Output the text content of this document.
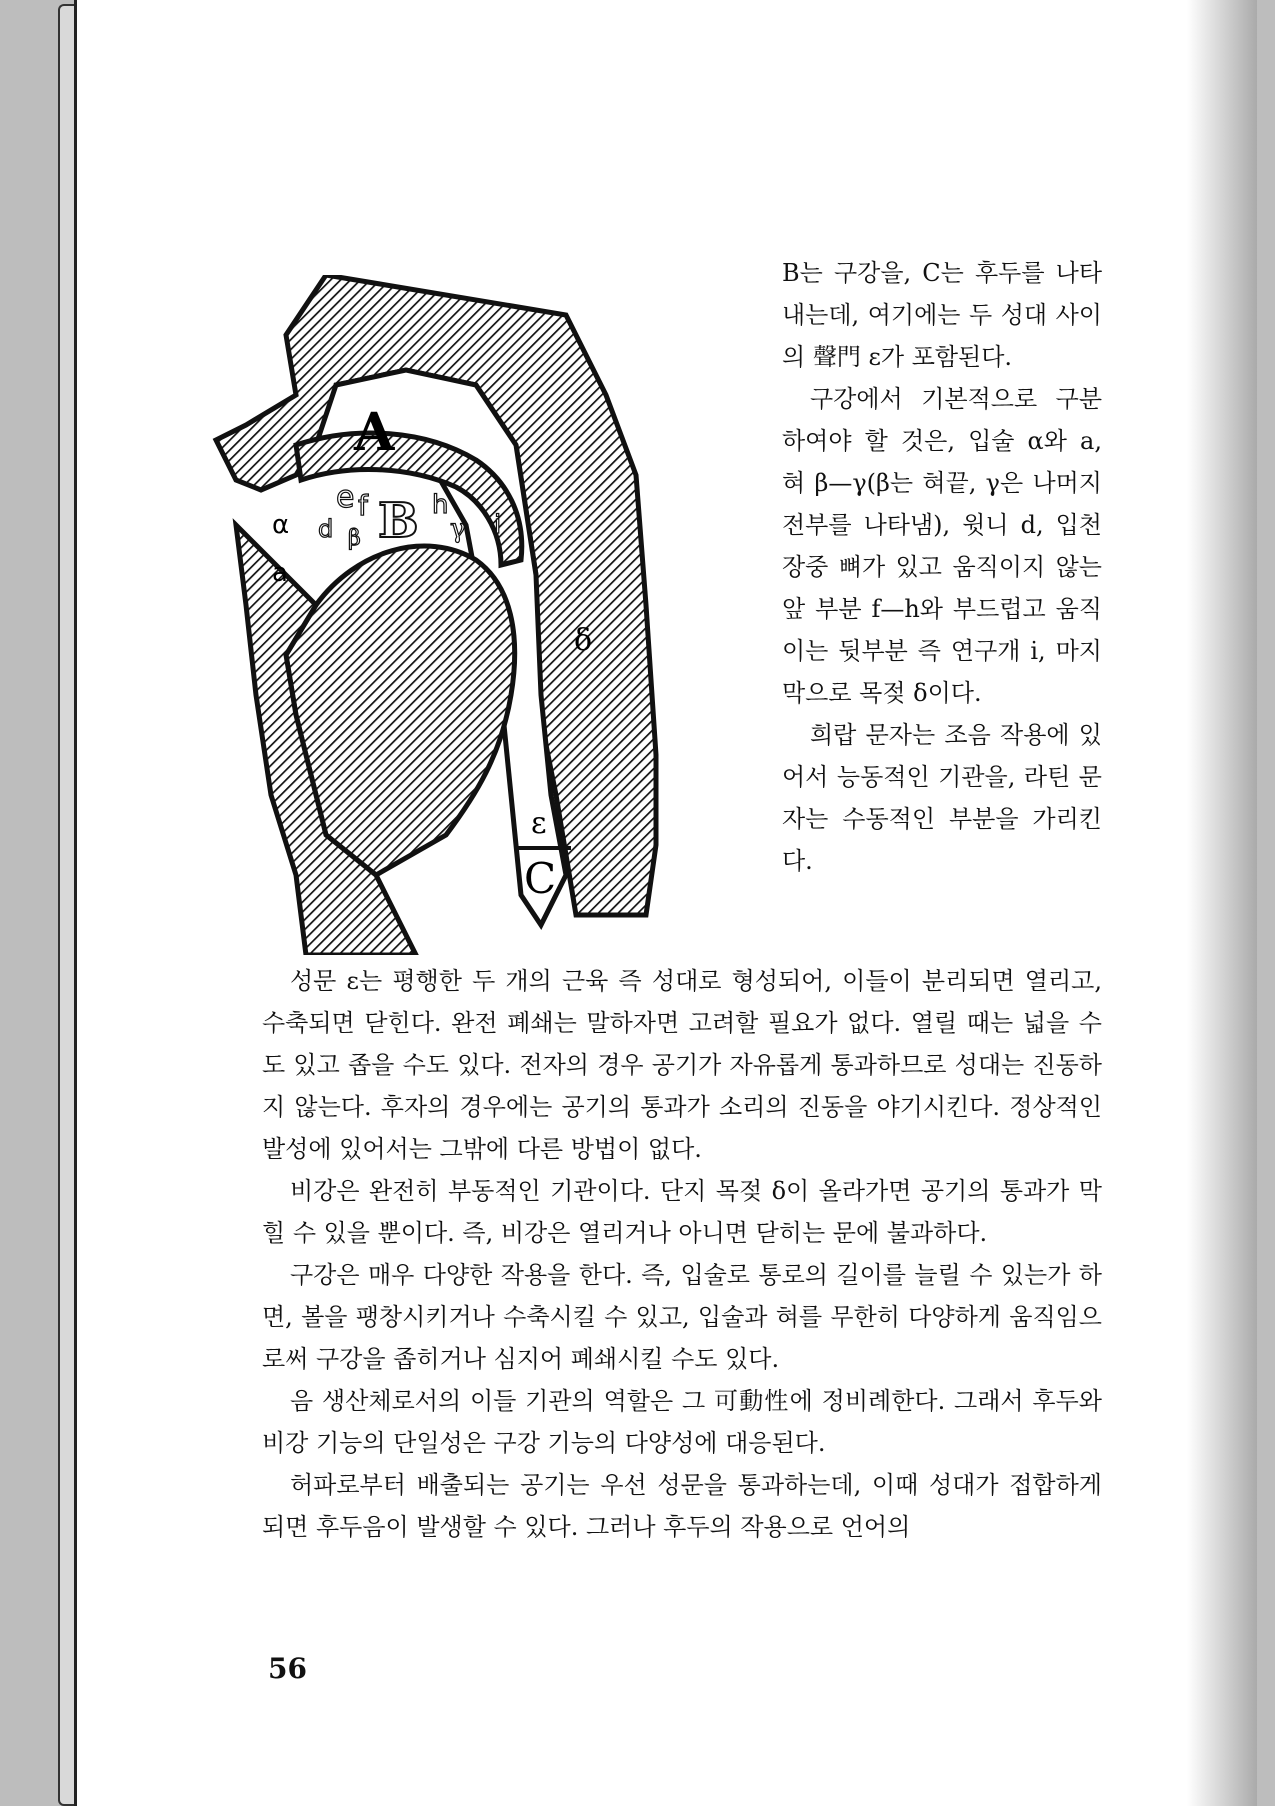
A
B
e f h
γ i
d β
α
a
δ
ε
C

B는 구강을, C는 후두를 나타내는데, 여기에는 두 성대 사이의 聲門 ε가 포함된다.

구강에서 기본적으로 구분하여야 할 것은, 입술 α와 a, 혀 β—γ(β는 혀끝, γ은 나머지 전부를 나타냄), 윗니 d, 입천장중 뼈가 있고 움직이지 않는 앞 부분 f—h와 부드럽고 움직이는 뒷부분 즉 연구개 i, 마지막으로 목젖 δ이다.

희랍 문자는 조음 작용에 있어서 능동적인 기관을, 라틴 문자는 수동적인 부분을 가리킨다.

성문 ε는 평행한 두 개의 근육 즉 성대로 형성되어, 이들이 분리되면 열리고, 수축되면 닫힌다. 완전 폐쇄는 말하자면 고려할 필요가 없다. 열릴 때는 넓을 수도 있고 좁을 수도 있다. 전자의 경우 공기가 자유롭게 통과하므로 성대는 진동하지 않는다. 후자의 경우에는 공기의 통과가 소리의 진동을 야기시킨다. 정상적인 발성에 있어서는 그밖에 다른 방법이 없다.

비강은 완전히 부동적인 기관이다. 단지 목젖 δ이 올라가면 공기의 통과가 막힐 수 있을 뿐이다. 즉, 비강은 열리거나 아니면 닫히는 문에 불과하다.

구강은 매우 다양한 작용을 한다. 즉, 입술로 통로의 길이를 늘릴 수 있는가 하면, 볼을 팽창시키거나 수축시킬 수 있고, 입술과 혀를 무한히 다양하게 움직임으로써 구강을 좁히거나 심지어 폐쇄시킬 수도 있다.

음 생산체로서의 이들 기관의 역할은 그 可動性에 정비례한다. 그래서 후두와 비강 기능의 단일성은 구강 기능의 다양성에 대응된다.

허파로부터 배출되는 공기는 우선 성문을 통과하는데, 이때 성대가 접합하게 되면 후두음이 발생할 수 있다. 그러나 후두의 작용으로 언어의

56
